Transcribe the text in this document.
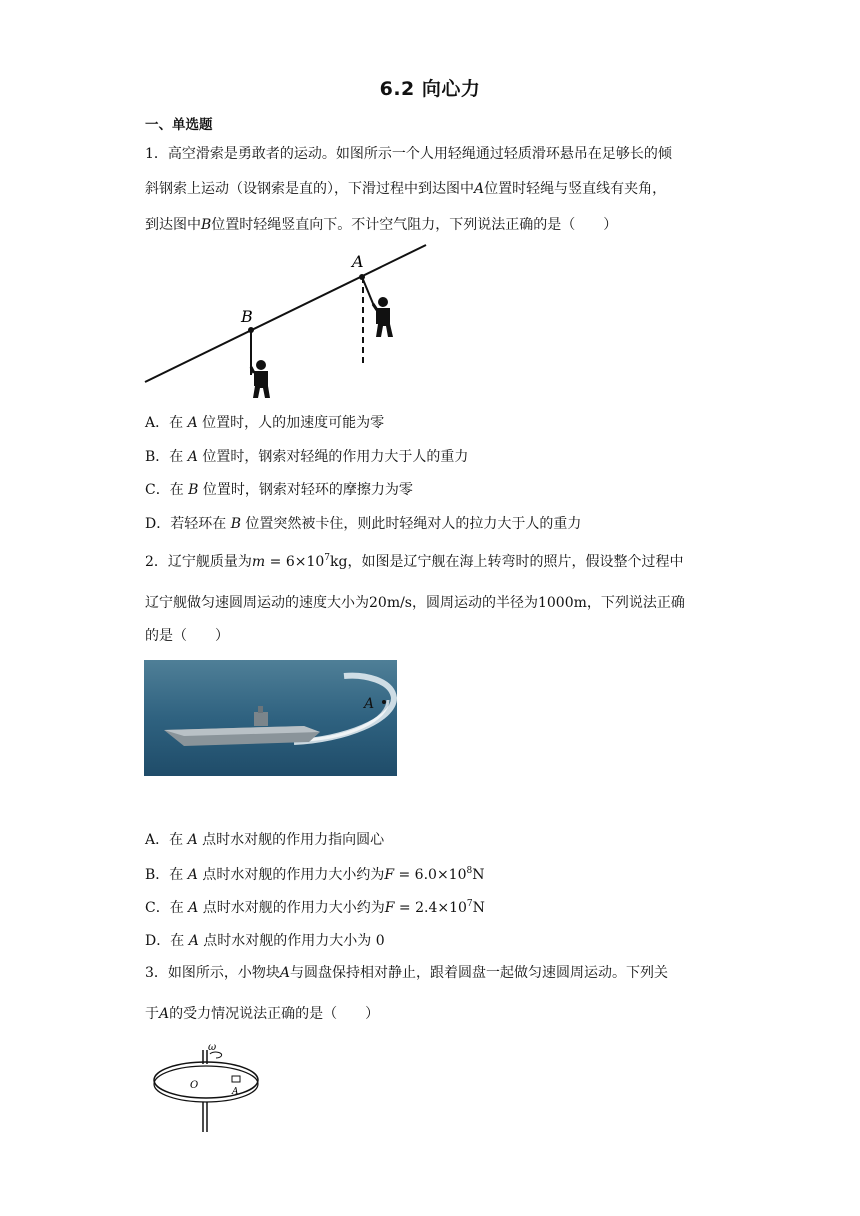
6.2 向心力
一、单选题
1．高空滑索是勇敢者的运动。如图所示一个人用轻绳通过轻质滑环悬吊在足够长的倾
斜钢索上运动（设钢索是直的），下滑过程中到达图中A位置时轻绳与竖直线有夹角，
到达图中B位置时轻绳竖直向下。不计空气阻力，下列说法正确的是（　　）
A
B
A．在 A 位置时，人的加速度可能为零
B．在 A 位置时，钢索对轻绳的作用力大于人的重力
C．在 B 位置时，钢索对轻环的摩擦力为零
D．若轻环在 B 位置突然被卡住，则此时轻绳对人的拉力大于人的重力
2．辽宁舰质量为$m = 6\times 10^7kg$，如图是辽宁舰在海上转弯时的照片，假设整个过程中
辽宁舰做匀速圆周运动的速度大小为20m/s，圆周运动的半径为1000m，下列说法正确
的是（　　）
A
A．在 A 点时水对舰的作用力指向圆心
B．在 A 点时水对舰的作用力大小约为$F = 6.0\times 10^8N$
C．在 A 点时水对舰的作用力大小约为$F = 2.4\times 10^7N$
D．在 A 点时水对舰的作用力大小为 0
3．如图所示，小物块A与圆盘保持相对静止，跟着圆盘一起做匀速圆周运动。下列关
于A的受力情况说法正确的是（　　）
ω
O
A
